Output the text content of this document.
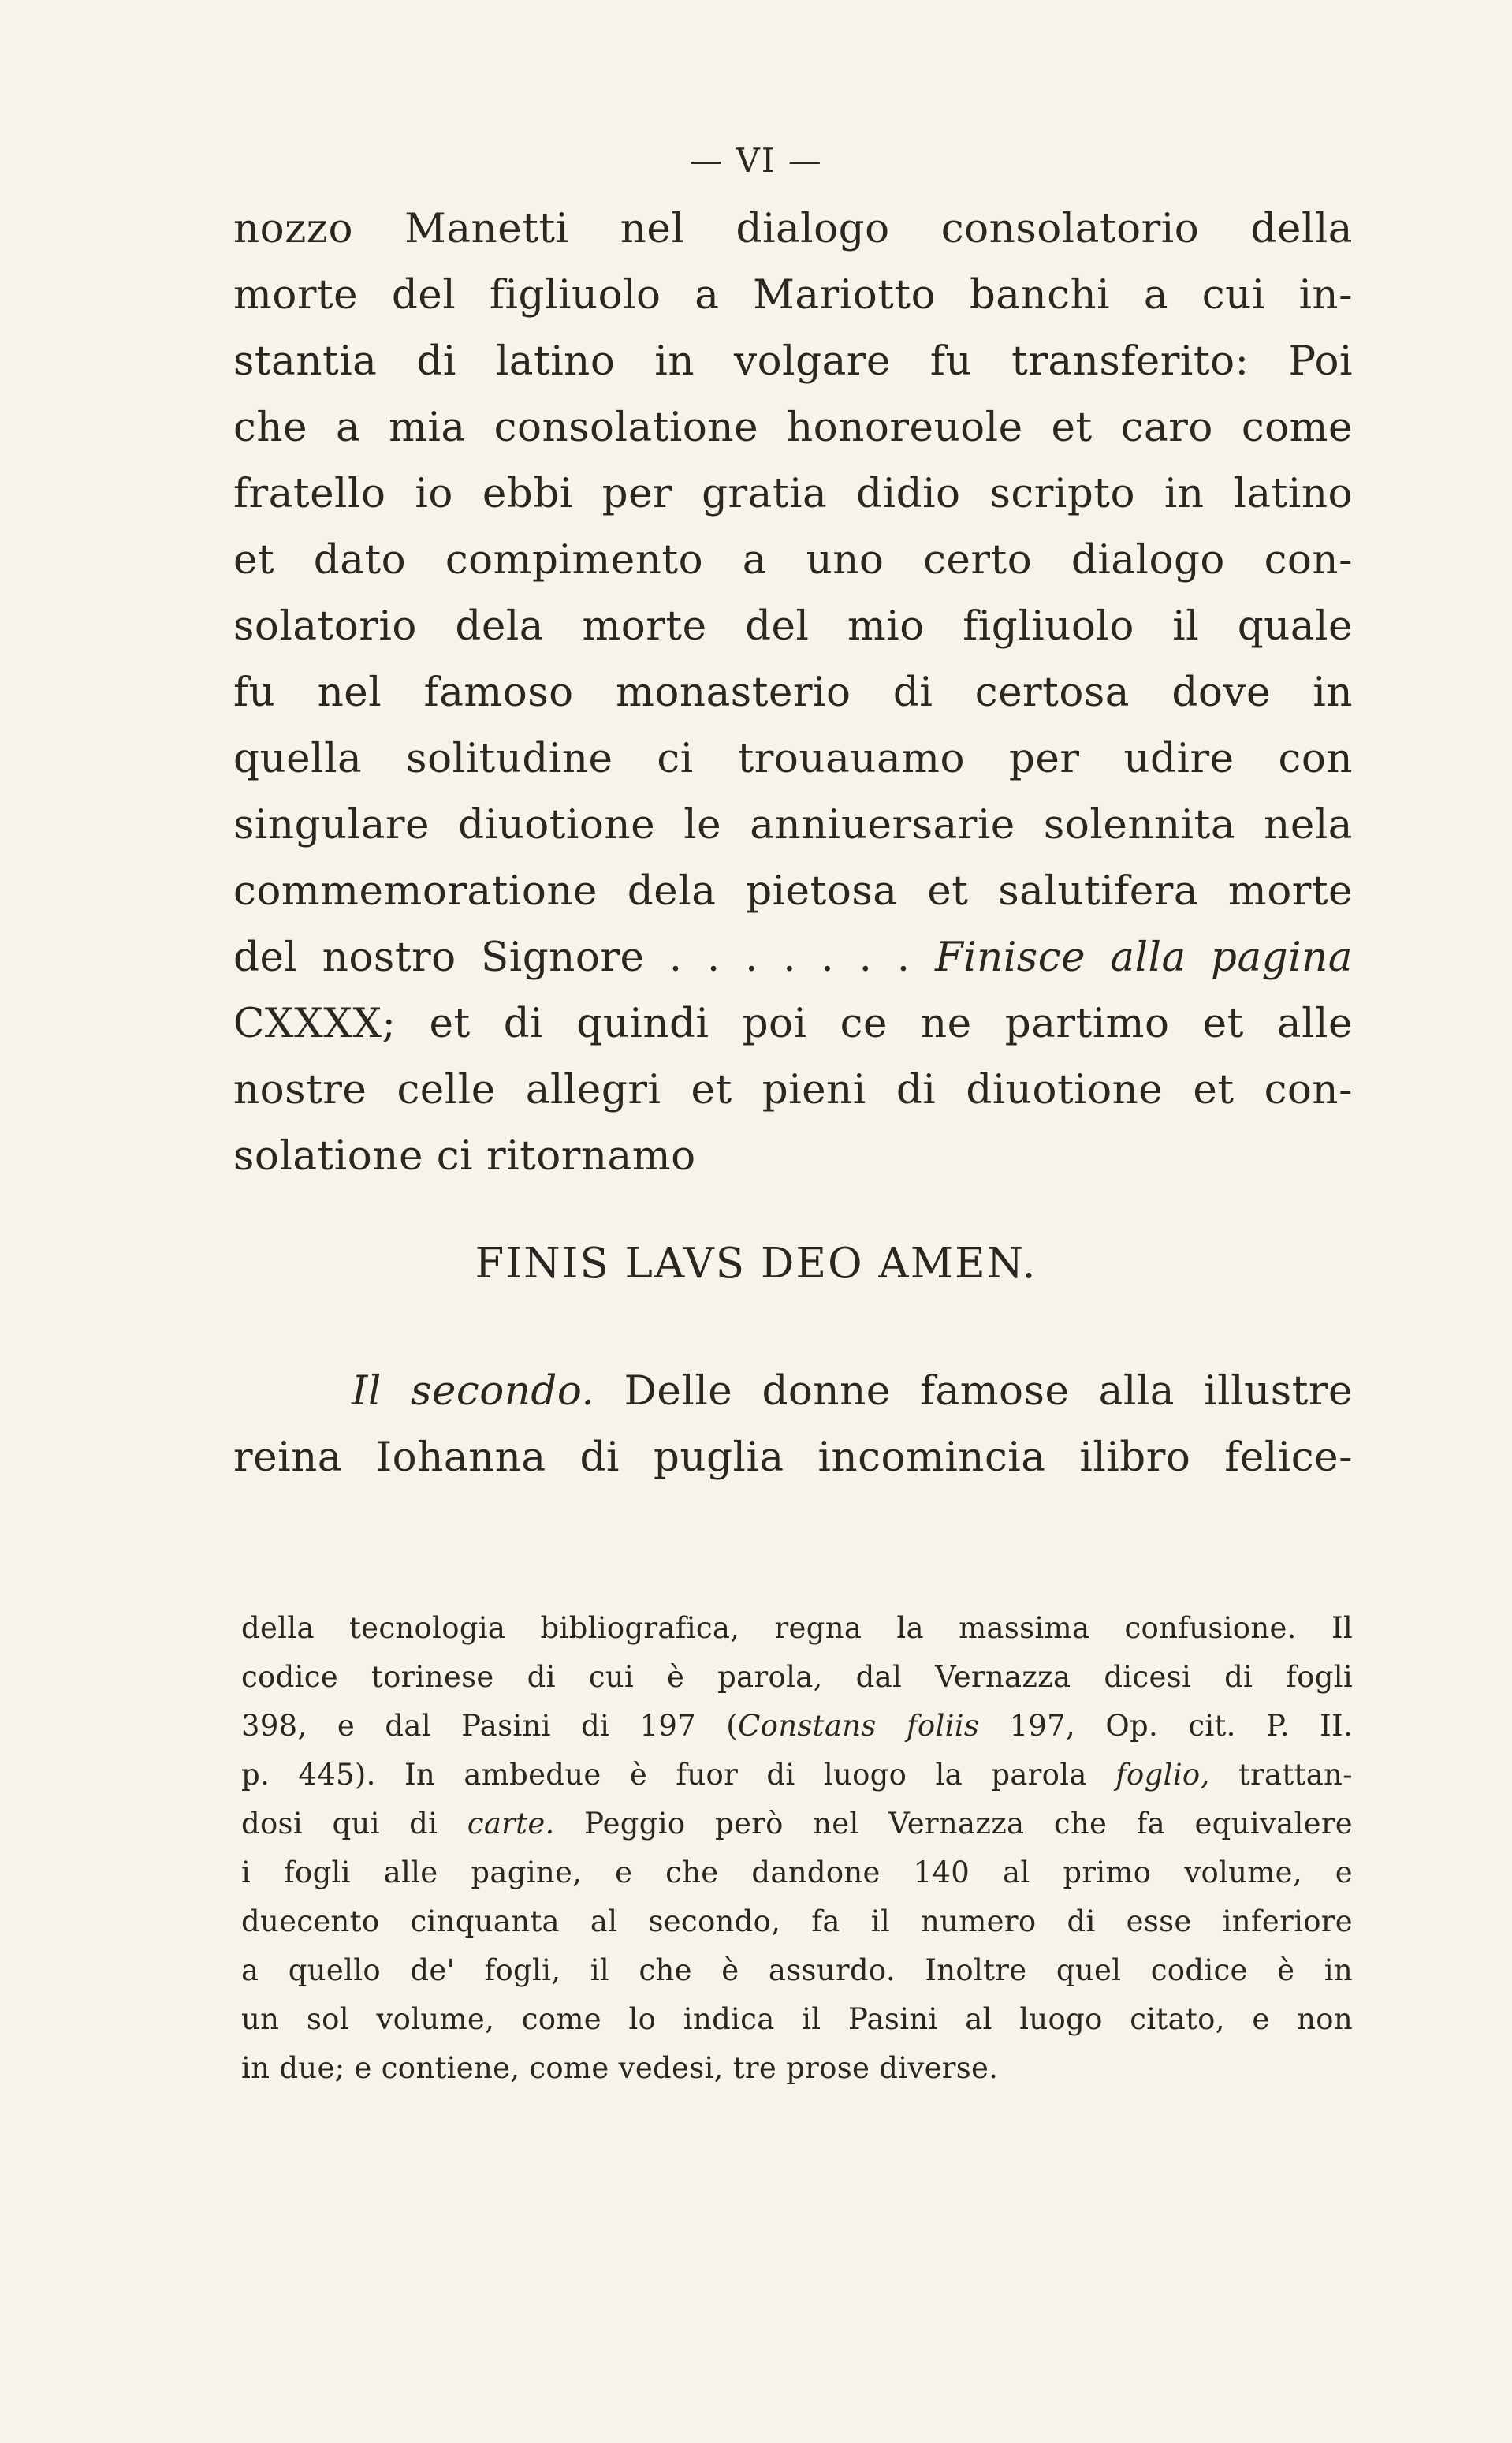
— VI —
nozzo Manetti nel dialogo consolatorio della
morte del figliuolo a Mariotto banchi a cui in-
stantia di latino in volgare fu transferito: Poi
che a mia consolatione honoreuole et caro come
fratello io ebbi per gratia didio scripto in latino
et dato compimento a uno certo dialogo con-
solatorio dela morte del mio figliuolo il quale
fu nel famoso monasterio di certosa dove in
quella solitudine ci trouauamo per udire con
singulare diuotione le anniuersarie solennita nela
commemoratione dela pietosa et salutifera morte
del nostro Signore . . . . . . . Finisce alla pagina
CXXXX; et di quindi poi ce ne partimo et alle
nostre celle allegri et pieni di diuotione et con-
solatione ci ritornamo
FINIS LAVS DEO AMEN.
Il secondo. Delle donne famose alla illustre
reina Iohanna di puglia incomincia ilibro felice-
della tecnologia bibliografica, regna la massima confusione. Il
codice torinese di cui è parola, dal Vernazza dicesi di fogli
398, e dal Pasini di 197 (Constans foliis 197, Op. cit. P. II.
p. 445). In ambedue è fuor di luogo la parola foglio, trattan-
dosi qui di carte. Peggio però nel Vernazza che fa equivalere
i fogli alle pagine, e che dandone 140 al primo volume, e
duecento cinquanta al secondo, fa il numero di esse inferiore
a quello de' fogli, il che è assurdo. Inoltre quel codice è in
un sol volume, come lo indica il Pasini al luogo citato, e non
in due; e contiene, come vedesi, tre prose diverse.
